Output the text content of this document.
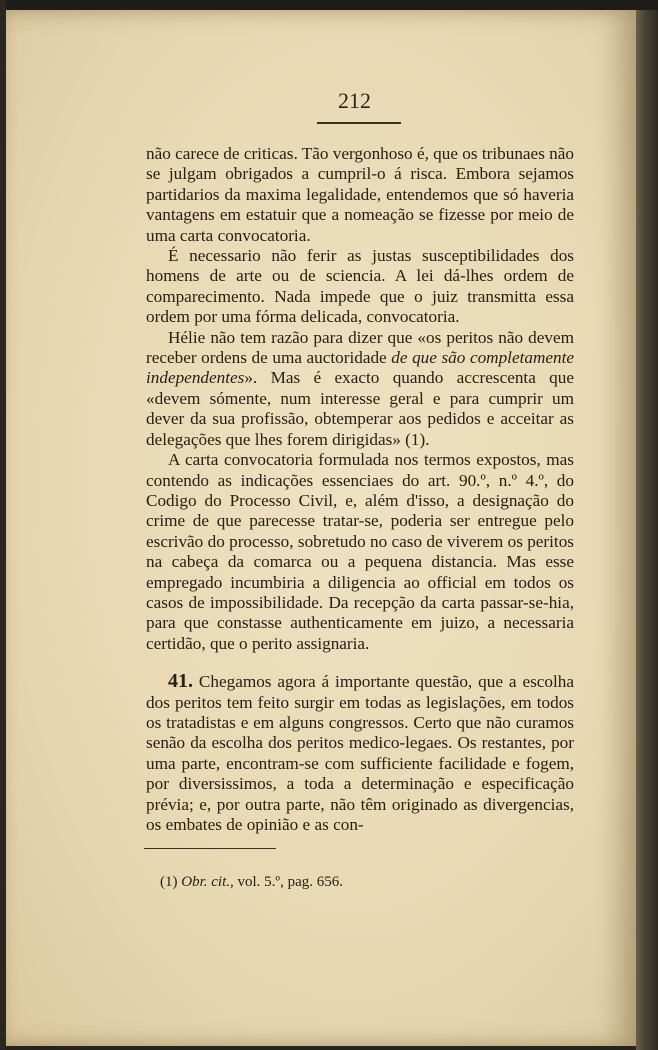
212

não carece de criticas. Tão vergonhoso é, que os tribunaes não se julgam obrigados a cumpril-o á risca. Embora sejamos partidarios da maxima legalidade, entendemos que só haveria vantagens em estatuir que a nomeação se fizesse por meio de uma carta convocatoria.

É necessario não ferir as justas susceptibilidades dos homens de arte ou de sciencia. A lei dá-lhes ordem de comparecimento. Nada impede que o juiz transmitta essa ordem por uma fórma delicada, convocatoria.

Hélie não tem razão para dizer que «os peritos não devem receber ordens de uma auctoridade de que são completamente independentes». Mas é exacto quando accrescenta que «devem sómente, num interesse geral e para cumprir um dever da sua profissão, obtemperar aos pedidos e acceitar as delegações que lhes forem dirigidas» (1).

A carta convocatoria formulada nos termos expostos, mas contendo as indicações essenciaes do art. 90.º, n.º 4.º, do Codigo do Processo Civil, e, além d'isso, a designação do crime de que parecesse tratar-se, poderia ser entregue pelo escrivão do processo, sobretudo no caso de viverem os peritos na cabeça da comarca ou a pequena distancia. Mas esse empregado incumbiria a diligencia ao official em todos os casos de impossibilidade. Da recepção da carta passar-se-hia, para que constasse authenticamente em juizo, a necessaria certidão, que o perito assignaria.

41. Chegamos agora á importante questão, que a escolha dos peritos tem feito surgir em todas as legislações, em todos os tratadistas e em alguns congressos. Certo que não curamos senão da escolha dos peritos medico-legaes. Os restantes, por uma parte, encontram-se com sufficiente facilidade e fogem, por diversissimos, a toda a determinação e especificação prévia; e, por outra parte, não têm originado as divergencias, os embates de opinião e as con-

(1) Obr. cit., vol. 5.º, pag. 656.
